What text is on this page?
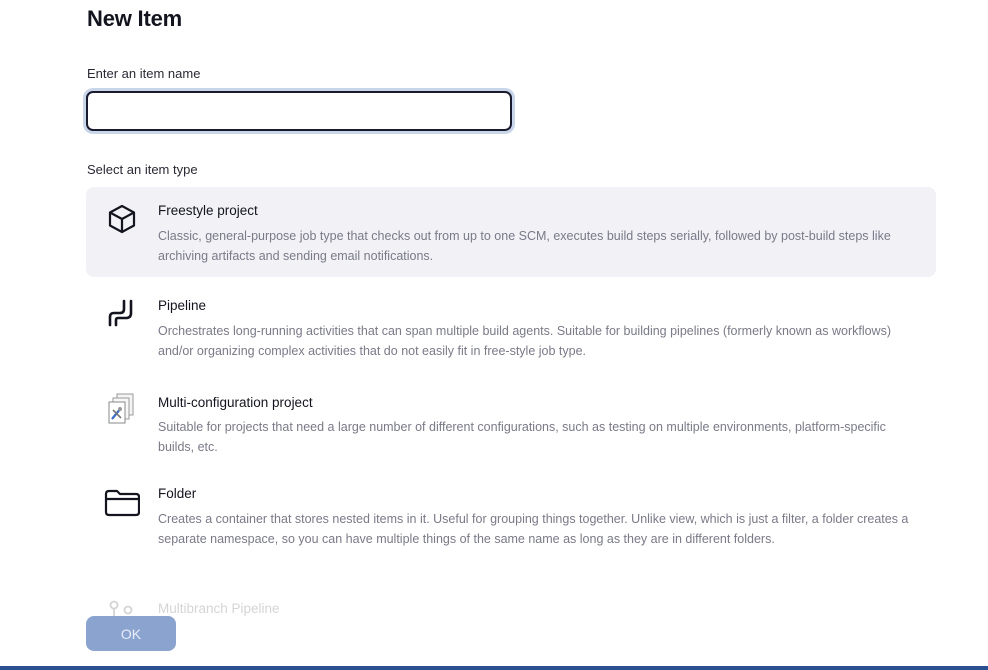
New Item
Enter an item name
Select an item type
Freestyle project
Classic, general-purpose job type that checks out from up to one SCM, executes build steps serially, followed by post-build steps like archiving artifacts and sending email notifications.
Pipeline
Orchestrates long-running activities that can span multiple build agents. Suitable for building pipelines (formerly known as workflows) and/or organizing complex activities that do not easily fit in free-style job type.
Multi-configuration project
Suitable for projects that need a large number of different configurations, such as testing on multiple environments, platform-specific builds, etc.
Folder
Creates a container that stores nested items in it. Useful for grouping things together. Unlike view, which is just a filter, a folder creates a separate namespace, so you can have multiple things of the same name as long as they are in different folders.
Multibranch Pipeline
OK
